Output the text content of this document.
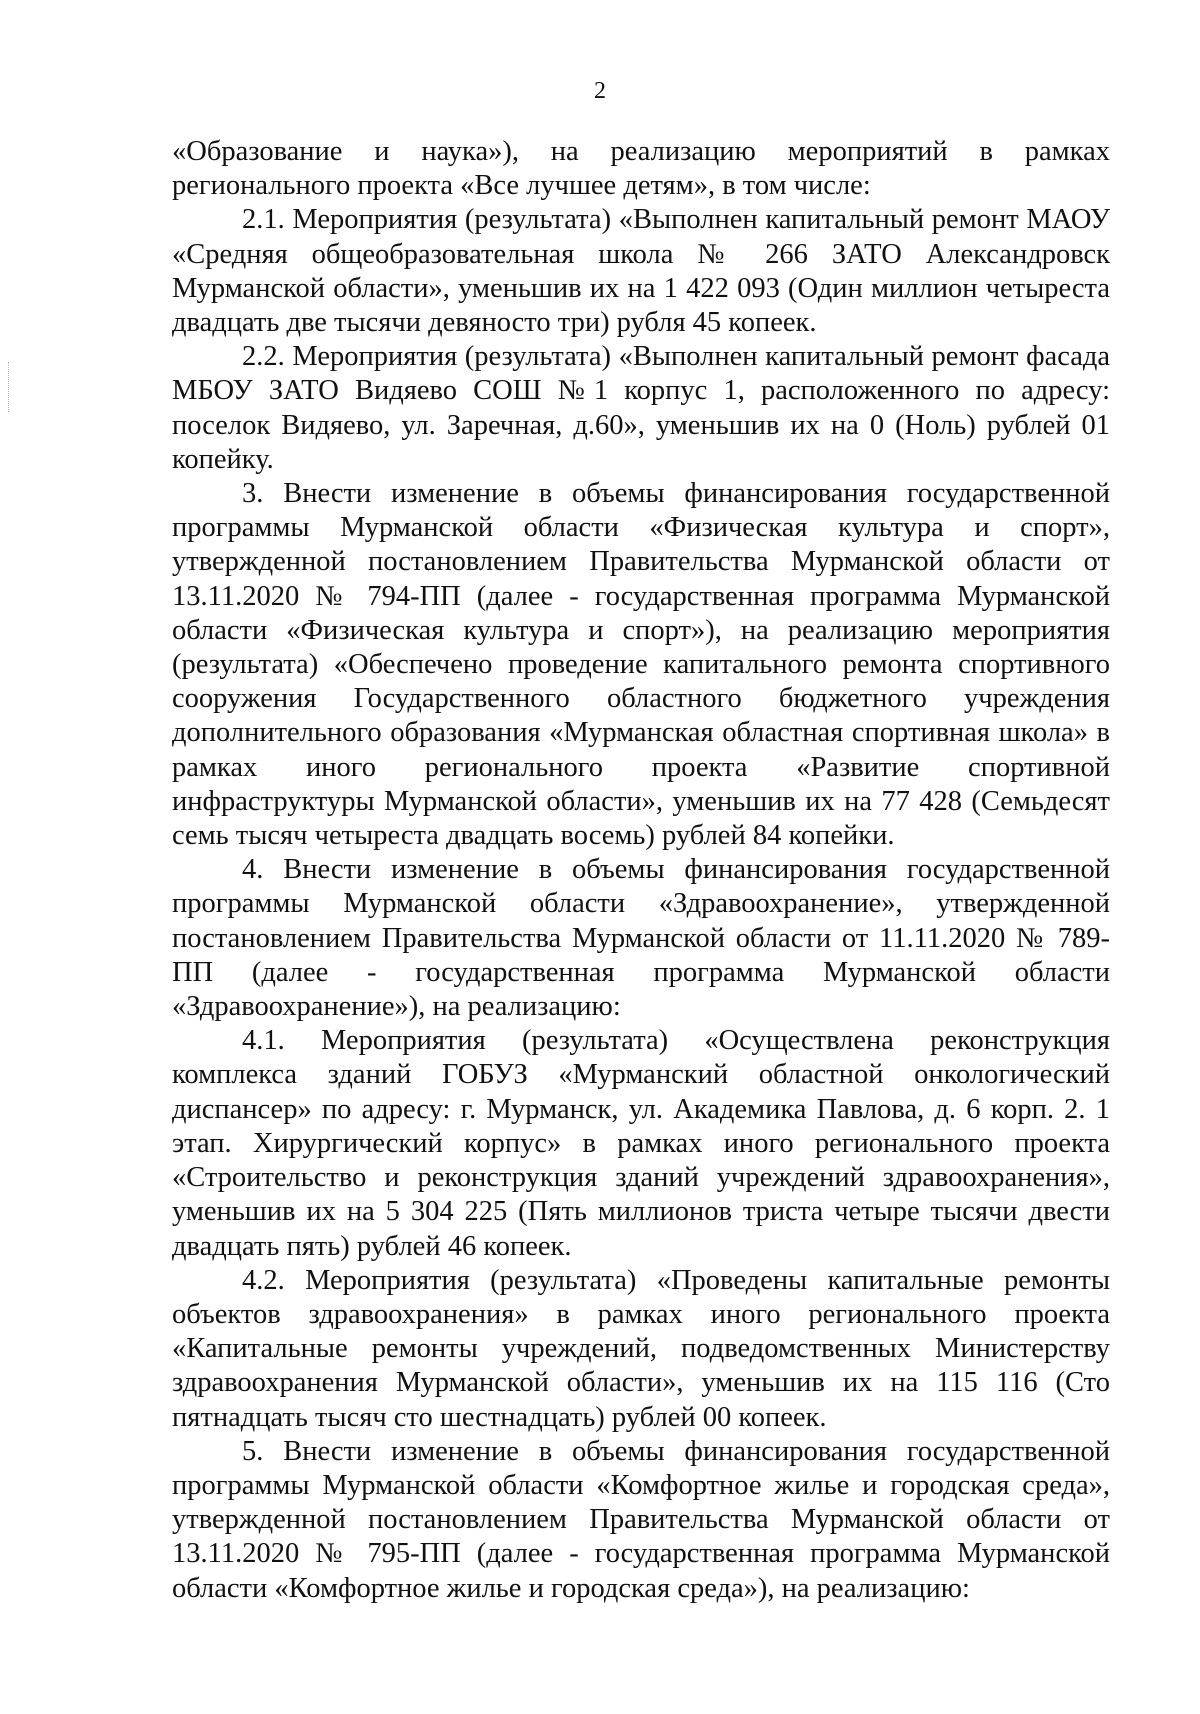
2

«Образование и наука»), на реализацию мероприятий в рамках регионального проекта «Все лучшее детям», в том числе:

2.1. Мероприятия (результата) «Выполнен капитальный ремонт МАОУ «Средняя общеобразовательная школа № 266 ЗАТО Александровск Мурманской области», уменьшив их на 1 422 093 (Один миллион четыреста двадцать две тысячи девяносто три) рубля 45 копеек.

2.2. Мероприятия (результата) «Выполнен капитальный ремонт фасада МБОУ ЗАТО Видяево СОШ №1 корпус 1, расположенного по адресу: поселок Видяево, ул. Заречная, д.60», уменьшив их на 0 (Ноль) рублей 01 копейку.

3. Внести изменение в объемы финансирования государственной программы Мурманской области «Физическая культура и спорт», утвержденной постановлением Правительства Мурманской области от 13.11.2020 № 794-ПП (далее - государственная программа Мурманской области «Физическая культура и спорт»), на реализацию мероприятия (результата) «Обеспечено проведение капитального ремонта спортивного сооружения Государственного областного бюджетного учреждения дополнительного образования «Мурманская областная спортивная школа» в рамках иного регионального проекта «Развитие спортивной инфраструктуры Мурманской области», уменьшив их на 77 428 (Семьдесят семь тысяч четыреста двадцать восемь) рублей 84 копейки.

4. Внести изменение в объемы финансирования государственной программы Мурманской области «Здравоохранение», утвержденной постановлением Правительства Мурманской области от 11.11.2020 № 789-ПП (далее - государственная программа Мурманской области «Здравоохранение»), на реализацию:

4.1. Мероприятия (результата) «Осуществлена реконструкция комплекса зданий ГОБУЗ «Мурманский областной онкологический диспансер» по адресу: г. Мурманск, ул. Академика Павлова, д. 6 корп. 2. 1 этап. Хирургический корпус» в рамках иного регионального проекта «Строительство и реконструкция зданий учреждений здравоохранения», уменьшив их на 5 304 225 (Пять миллионов триста четыре тысячи двести двадцать пять) рублей 46 копеек.

4.2. Мероприятия (результата) «Проведены капитальные ремонты объектов здравоохранения» в рамках иного регионального проекта «Капитальные ремонты учреждений, подведомственных Министерству здравоохранения Мурманской области», уменьшив их на 115 116 (Сто пятнадцать тысяч сто шестнадцать) рублей 00 копеек.

5. Внести изменение в объемы финансирования государственной программы Мурманской области «Комфортное жилье и городская среда», утвержденной постановлением Правительства Мурманской области от 13.11.2020 № 795-ПП (далее - государственная программа Мурманской области «Комфортное жилье и городская среда»), на реализацию:
